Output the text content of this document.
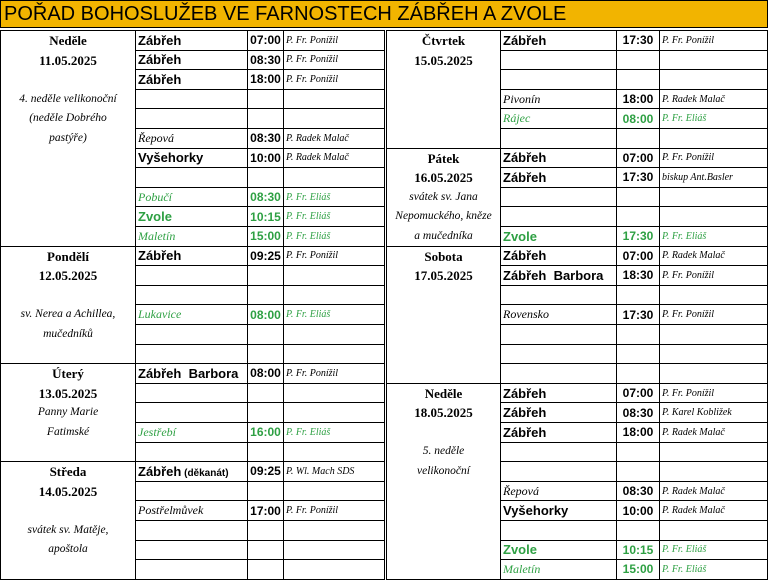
POŘAD BOHOSLUŽEB VE FARNOSTECH ZÁBŘEH A ZVOLE
Neděle
11.05.2025

4. neděle velikonoční
(neděle Dobrého
pastýře)
Zábřeh	07:00	P. Fr. Ponížil
Zábřeh	08:30	P. Fr. Ponížil
Zábřeh	18:00	P. Fr. Ponížil

Řepová	08:30	P. Radek Malač
Vyšehorky	10:00	P. Radek Malač

Pobučí	08:30	P. Fr. Eliáš
Zvole	10:15	P. Fr. Eliáš
Maletín	15:00	P. Fr. Eliáš
Pondělí
12.05.2025

sv. Nerea a Achillea,
mučedníků
Zábřeh	09:25	P. Fr. Ponížil

Lukavice	08:00	P. Fr. Eliáš

Úterý
13.05.2025
Panny Marie
Fatimské
Zábřeh  Barbora	08:00	P. Fr. Ponížil

Jestřebí	16:00	P. Fr. Eliáš

Středa
14.05.2025

svátek sv. Matěje,
apoštola
Zábřeh (děkanát)	09:25	P. Wl. Mach SDS

Postřelmůvek	17:00	P. Fr. Ponížil

Čtvrtek
15.05.2025
Zábřeh	17:30	P. Fr. Ponížil

Pivonín	18:00	P. Radek Malač
Rájec	08:00	P. Fr. Eliáš

Pátek
16.05.2025
svátek sv. Jana
Nepomuckého, kněze
a mučedníka
Zábřeh	07:00	P. Fr. Ponížil
Zábřeh	17:30	biskup Ant.Basler

Zvole	17:30	P. Fr. Eliáš
Sobota
17.05.2025
Zábřeh	07:00	P. Radek Malač
Zábřeh  Barbora	18:30	P. Fr. Ponížil

Rovensko	17:30	P. Fr. Ponížil

Neděle
18.05.2025

5. neděle
velikonoční
Zábřeh	07:00	P. Fr. Ponížil
Zábřeh	08:30	P. Karel Kobližek
Zábřeh	18:00	P. Radek Malač

Řepová	08:30	P. Radek Malač
Vyšehorky	10:00	P. Radek Malač

Zvole	10:15	P. Fr. Eliáš
Maletín	15:00	P. Fr. Eliáš
